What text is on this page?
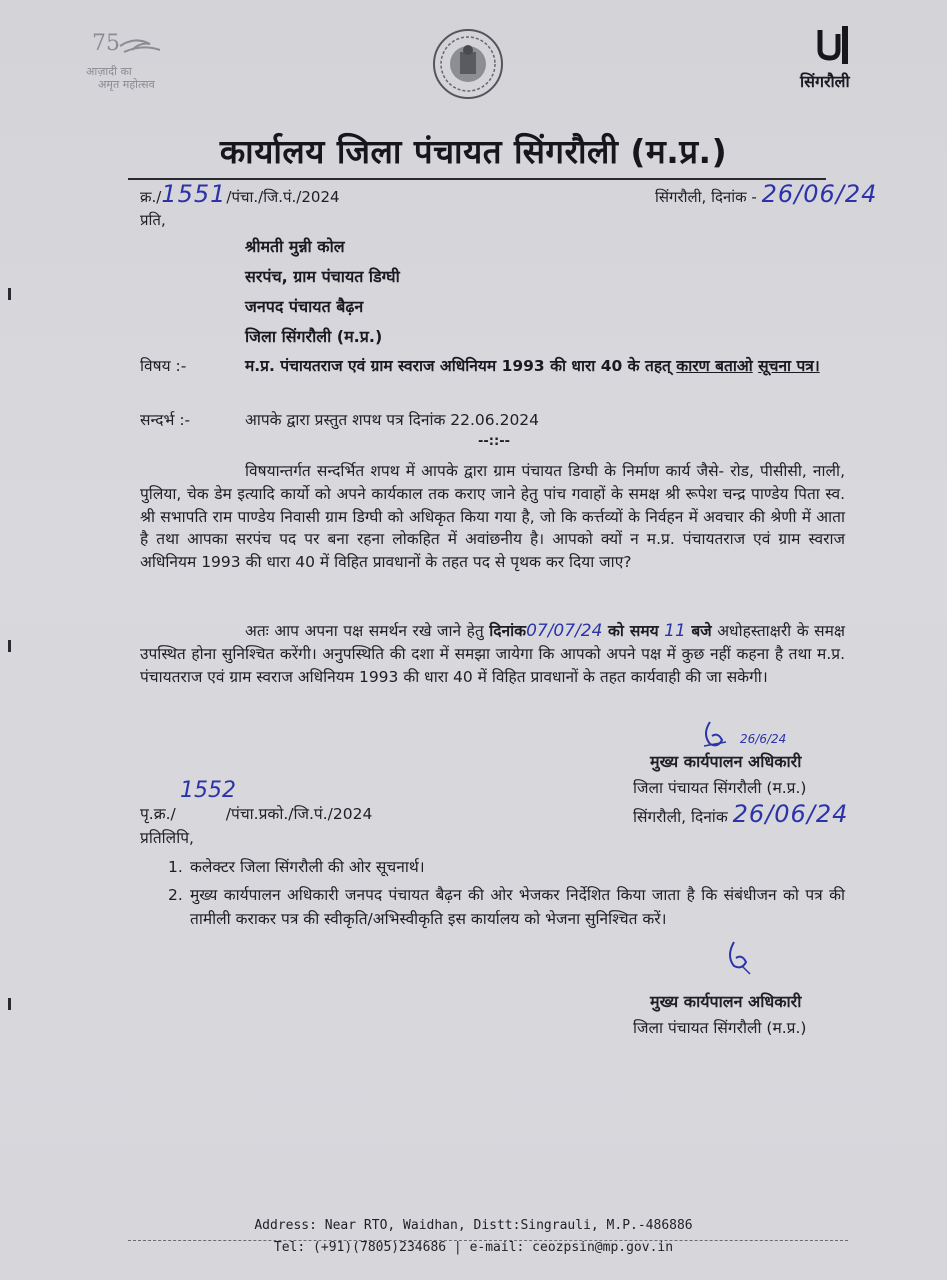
75
आज़ादी का
अमृत महोत्सव	सिंगरौली
कार्यालय जिला पंचायत सिंगरौली (म.प्र.)
क्र./1551/पंचा./जि.पं./2024	सिंगरौली, दिनांक - 26/06/24
प्रति,
श्रीमती मुन्नी कोल
सरपंच, ग्राम पंचायत डिग्घी
जनपद पंचायत बैढ़न
जिला सिंगरौली (म.प्र.)
विषय :-	म.प्र. पंचायतराज एवं ग्राम स्वराज अधिनियम 1993 की धारा 40 के तहत् कारण बताओ सूचना पत्र।
सन्दर्भ :-	आपके द्वारा प्रस्तुत शपथ पत्र दिनांक 22.06.2024
--::--
विषयान्तर्गत सन्दर्भित शपथ में आपके द्वारा ग्राम पंचायत डिग्घी के निर्माण कार्य जैसे- रोड, पीसीसी, नाली, पुलिया, चेक डेम इत्यादि कार्यो को अपने कार्यकाल तक कराए जाने हेतु पांच गवाहों के समक्ष श्री रूपेश चन्द्र पाण्डेय पिता स्व. श्री सभापति राम पाण्डेय निवासी ग्राम डिग्घी को अधिकृत किया गया है, जो कि कर्त्तव्यों के निर्वहन में अवचार की श्रेणी में आता है तथा आपका सरपंच पद पर बना रहना लोकहित में अवांछनीय है। आपको क्यों न म.प्र. पंचायतराज एवं ग्राम स्वराज अधिनियम 1993 की धारा 40 में विहित प्रावधानों के तहत पद से पृथक कर दिया जाए?
अतः आप अपना पक्ष समर्थन रखे जाने हेतु दिनांक07/07/24 को समय 11 बजे अधोहस्ताक्षरी के समक्ष उपस्थित होना सुनिश्चित करेंगी। अनुपस्थिति की दशा में समझा जायेगा कि आपको अपने पक्ष में कुछ नहीं कहना है तथा म.प्र. पंचायतराज एवं ग्राम स्वराज अधिनियम 1993 की धारा 40 में विहित प्रावधानों के तहत कार्यवाही की जा सकेगी।
26/6/24
मुख्य कार्यपालन अधिकारी
जिला पंचायत सिंगरौली (म.प्र.)
1552
पृ.क्र./	/पंचा.प्रको./जि.पं./2024	सिंगरौली, दिनांक 26/06/24
प्रतिलिपि,
1. कलेक्टर जिला सिंगरौली की ओर सूचनार्थ।
2. मुख्य कार्यपालन अधिकारी जनपद पंचायत बैढ़न की ओर भेजकर निर्देशित किया जाता है कि संबंधीजन को पत्र की तामीली कराकर पत्र की स्वीकृति/अभिस्वीकृति इस कार्यालय को भेजना सुनिश्चित करें।
मुख्य कार्यपालन अधिकारी
जिला पंचायत सिंगरौली (म.प्र.)
Address: Near RTO, Waidhan, Distt:Singrauli, M.P.-486886
Tel: (+91)(7805)234686 | e-mail: ceozpsin@mp.gov.in
